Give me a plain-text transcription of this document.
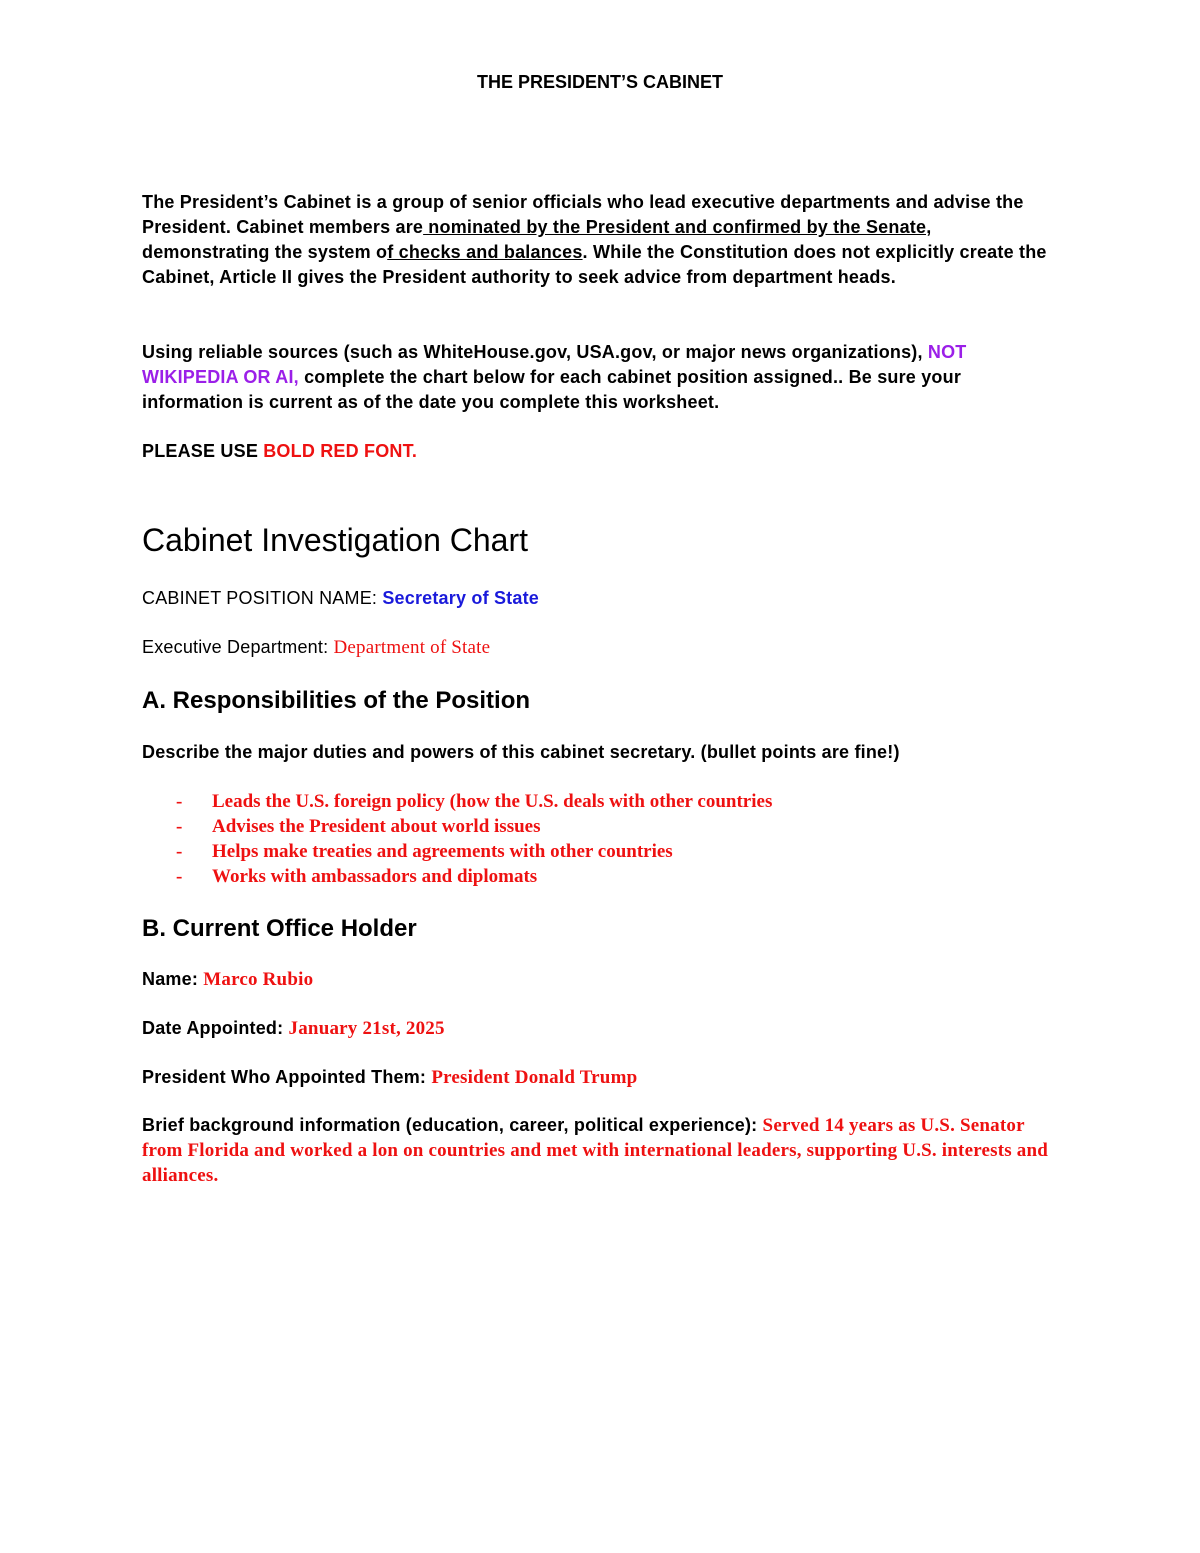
THE PRESIDENT’S CABINET
The President’s Cabinet is a group of senior officials who lead executive departments and advise the President. Cabinet members are nominated by the President and confirmed by the Senate, demonstrating the system of checks and balances. While the Constitution does not explicitly create the Cabinet, Article II gives the President authority to seek advice from department heads.
Using reliable sources (such as WhiteHouse.gov, USA.gov, or major news organizations), NOT WIKIPEDIA OR AI, complete the chart below for each cabinet position assigned.. Be sure your information is current as of the date you complete this worksheet.
PLEASE USE BOLD RED FONT.
Cabinet Investigation Chart
CABINET POSITION NAME: Secretary of State
Executive Department: Department of State
A. Responsibilities of the Position
Describe the major duties and powers of this cabinet secretary. (bullet points are fine!)
- Leads the U.S. foreign policy (how the U.S. deals with other countries
- Advises the President about world issues
- Helps make treaties and agreements with other countries
- Works with ambassadors and diplomats
B. Current Office Holder
Name: Marco Rubio
Date Appointed: January 21st, 2025
President Who Appointed Them: President Donald Trump
Brief background information (education, career, political experience): Served 14 years as U.S. Senator from Florida and worked a lon on countries and met with international leaders, supporting U.S. interests and alliances.
